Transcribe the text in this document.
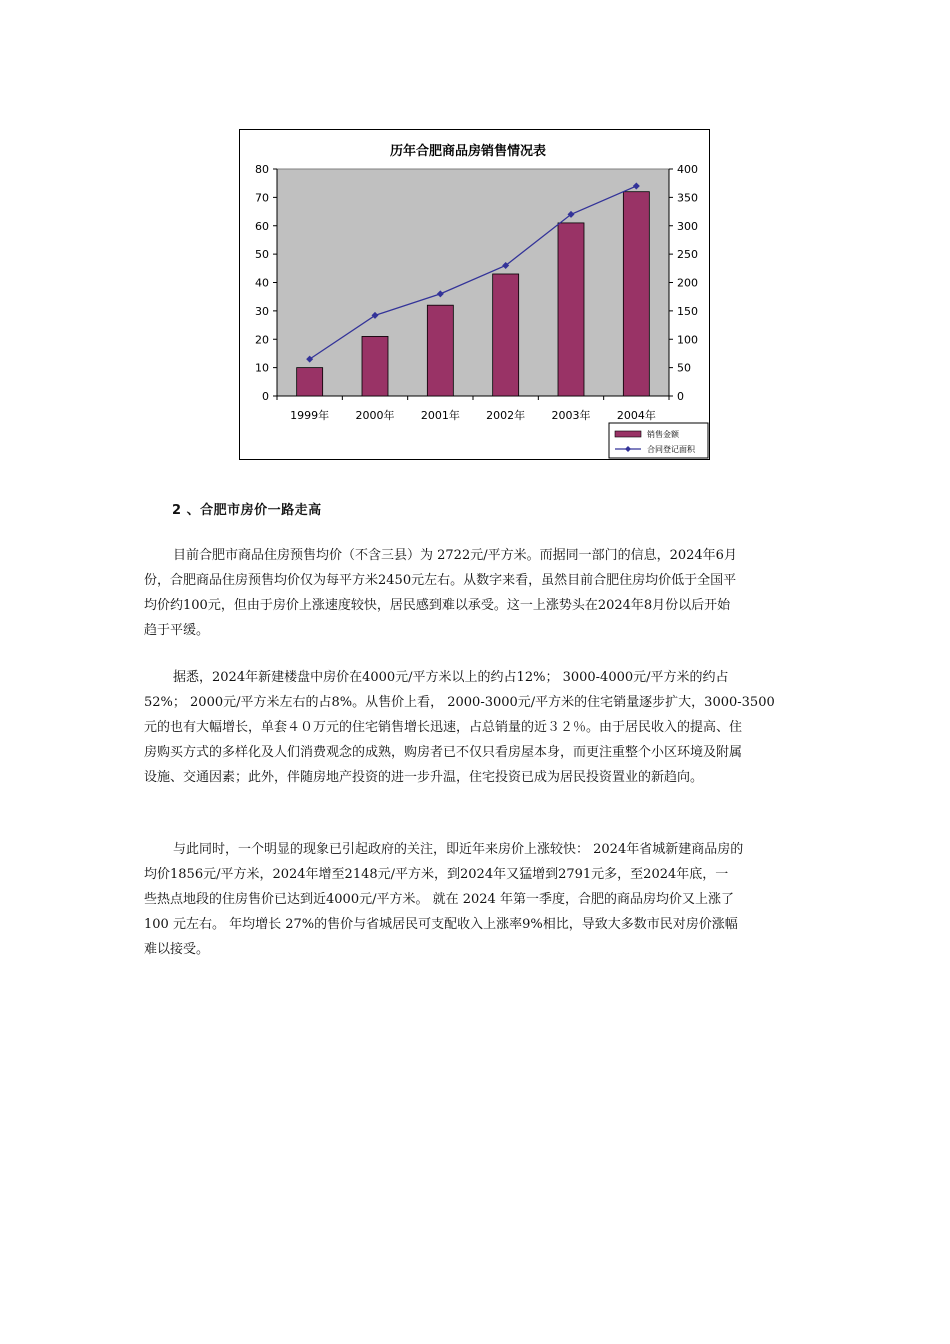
历年合肥商品房销售情况表
0
10
20
30
40
50
60
70
80
0
50
100
150
200
250
300
350
400
1999年 2000年 2001年 2002年 2003年 2004年
销售金额
合同登记面积
2 、合肥市房价一路走高
目前合肥市商品住房预售均价（不含三县）为 2722元/平方米。而据同一部门的信息，2024年6月
份，合肥商品住房预售均价仅为每平方米2450元左右。从数字来看，虽然目前合肥住房均价低于全国平
均价约100元，但由于房价上涨速度较快，居民感到难以承受。这一上涨势头在2024年8月份以后开始
趋于平缓。
据悉，2024年新建楼盘中房价在4000元/平方米以上的约占12%； 3000-4000元/平方米的约占
52%； 2000元/平方米左右的占8%。从售价上看， 2000-3000元/平方米的住宅销量逐步扩大，3000-3500
元的也有大幅增长，单套４０万元的住宅销售增长迅速，占总销量的近３２％。由于居民收入的提高、住
房购买方式的多样化及人们消费观念的成熟，购房者已不仅只看房屋本身，而更注重整个小区环境及附属
设施、交通因素；此外，伴随房地产投资的进一步升温，住宅投资已成为居民投资置业的新趋向。
与此同时，一个明显的现象已引起政府的关注，即近年来房价上涨较快： 2024年省城新建商品房的
均价1856元/平方米，2024年增至2148元/平方米，到2024年又猛增到2791元多，至2024年底，一
些热点地段的住房售价已达到近4000元/平方米。 就在 2024 年第一季度，合肥的商品房均价又上涨了
100 元左右。 年均增长 27%的售价与省城居民可支配收入上涨率9%相比，导致大多数市民对房价涨幅
难以接受。
